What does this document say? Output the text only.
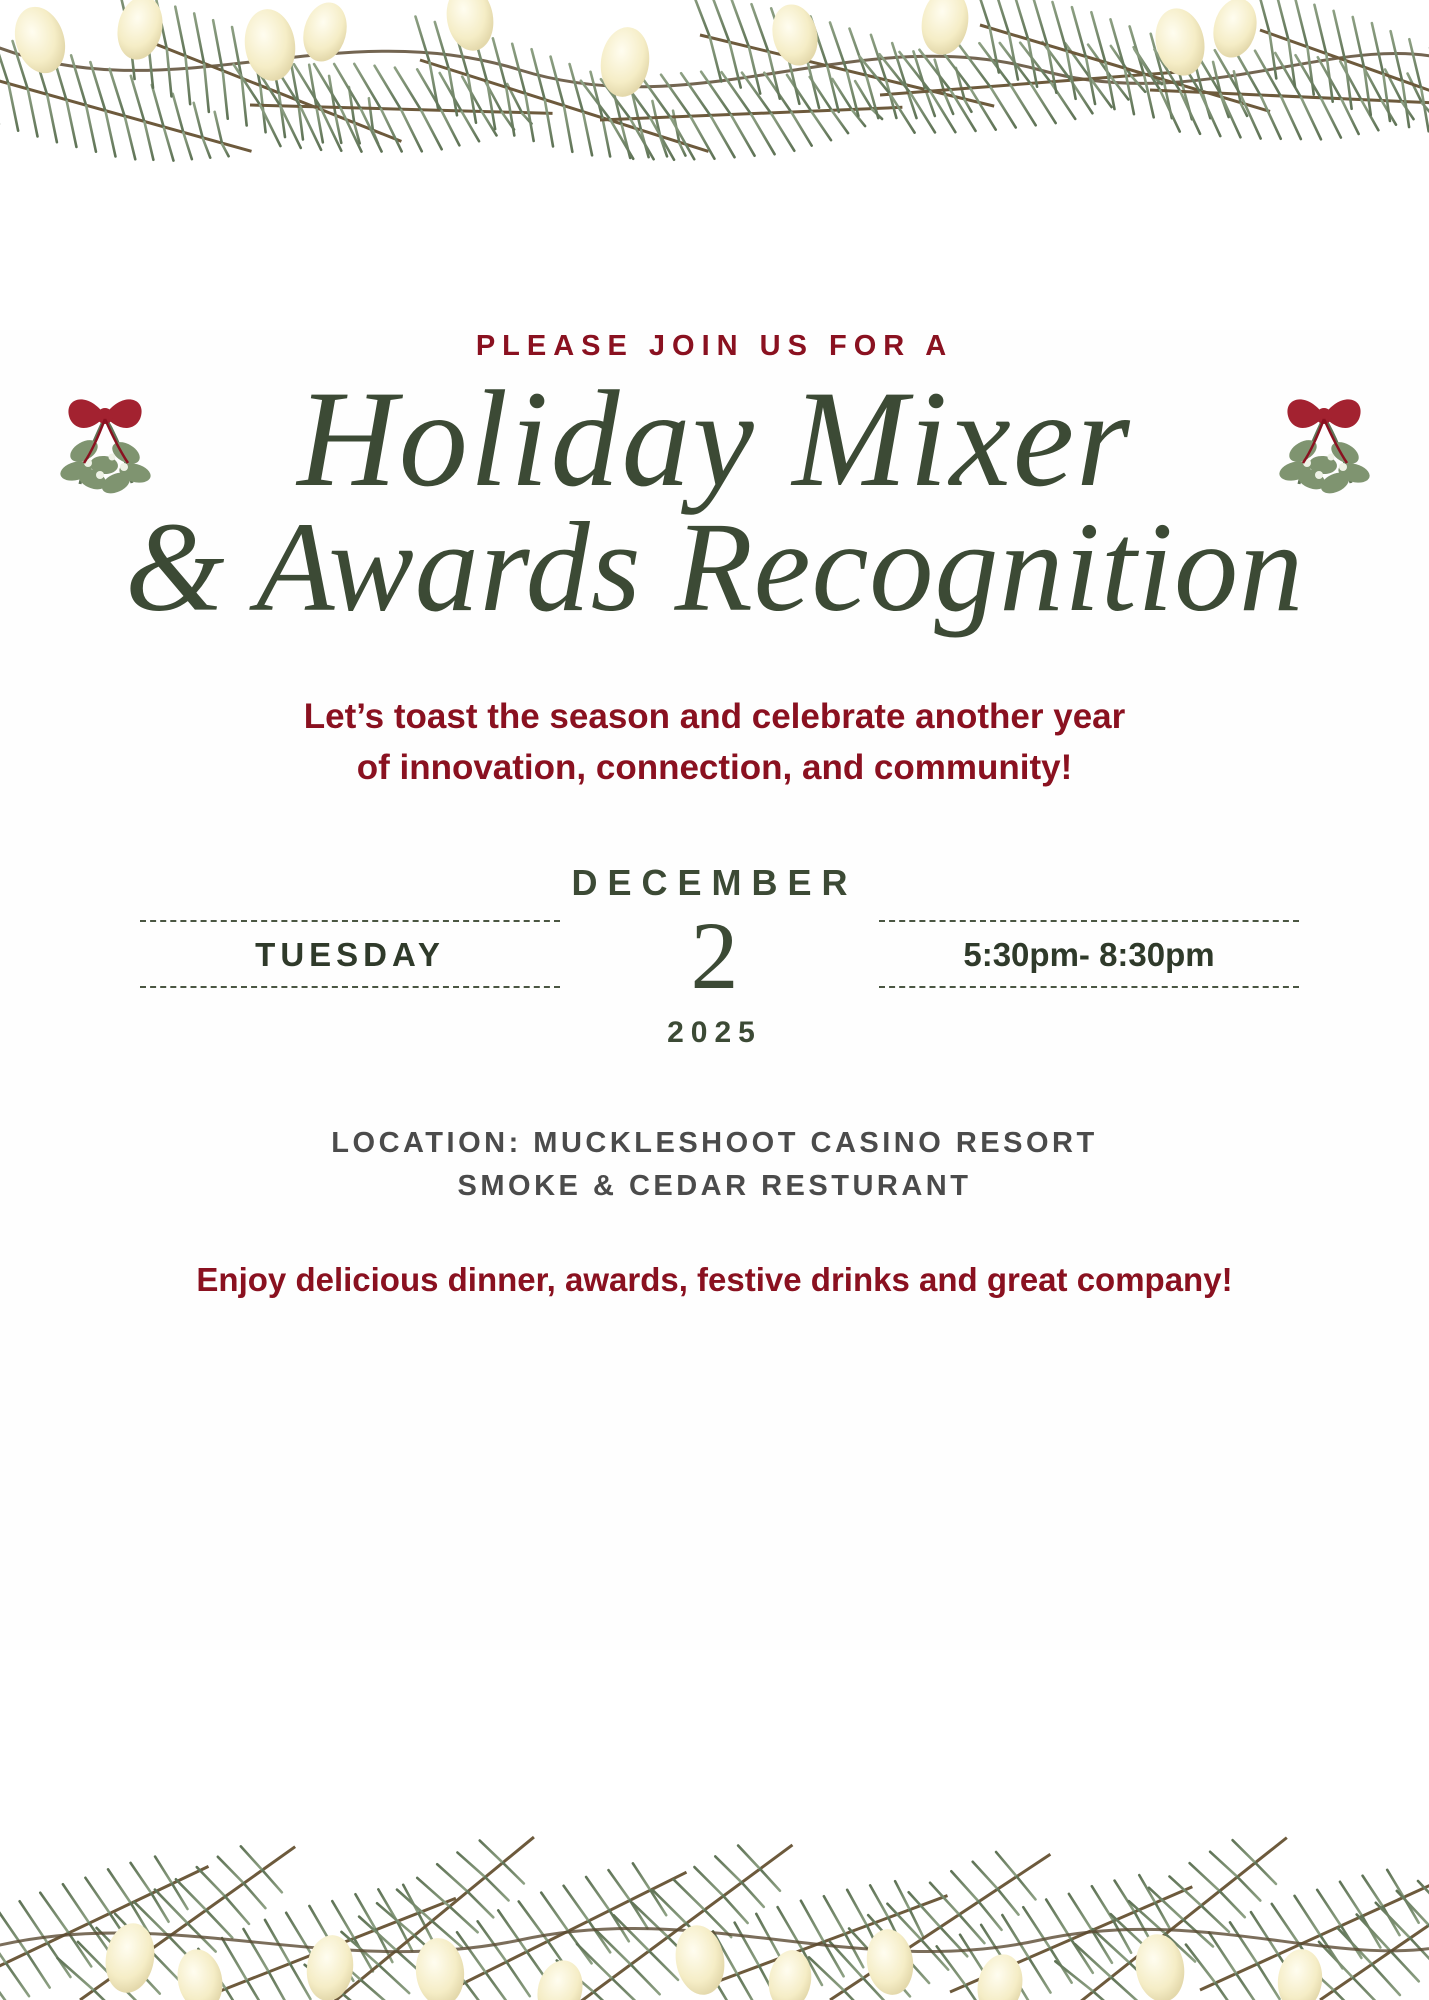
PLEASE JOIN US FOR A
Holiday Mixer
& Awards Recognition
Let’s toast the season and celebrate another year
of innovation, connection, and community!
DECEMBER
2
2025
TUESDAY	5:30pm- 8:30pm
LOCATION: MUCKLESHOOT CASINO RESORT
SMOKE & CEDAR RESTURANT
Enjoy delicious dinner, awards, festive drinks and great company!
